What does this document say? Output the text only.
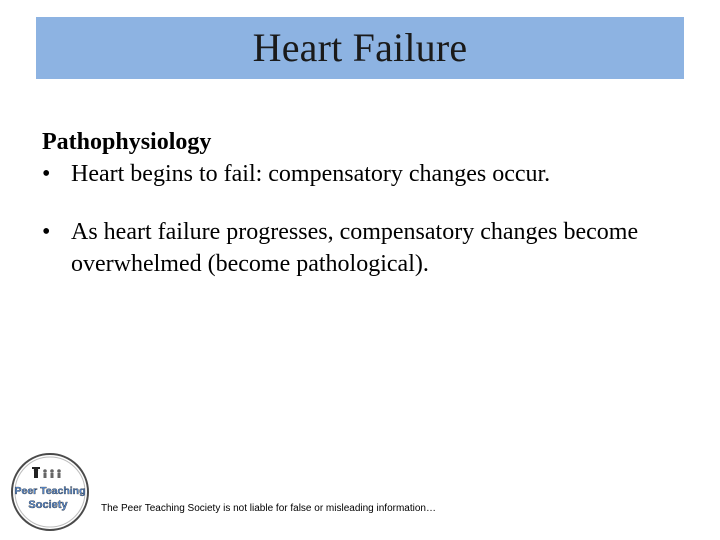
Heart Failure
Pathophysiology
• Heart begins to fail: compensatory changes occur.
• As heart failure progresses, compensatory changes become overwhelmed (become pathological).
Peer Teaching
Society	The Peer Teaching Society is not liable for false or misleading information…
